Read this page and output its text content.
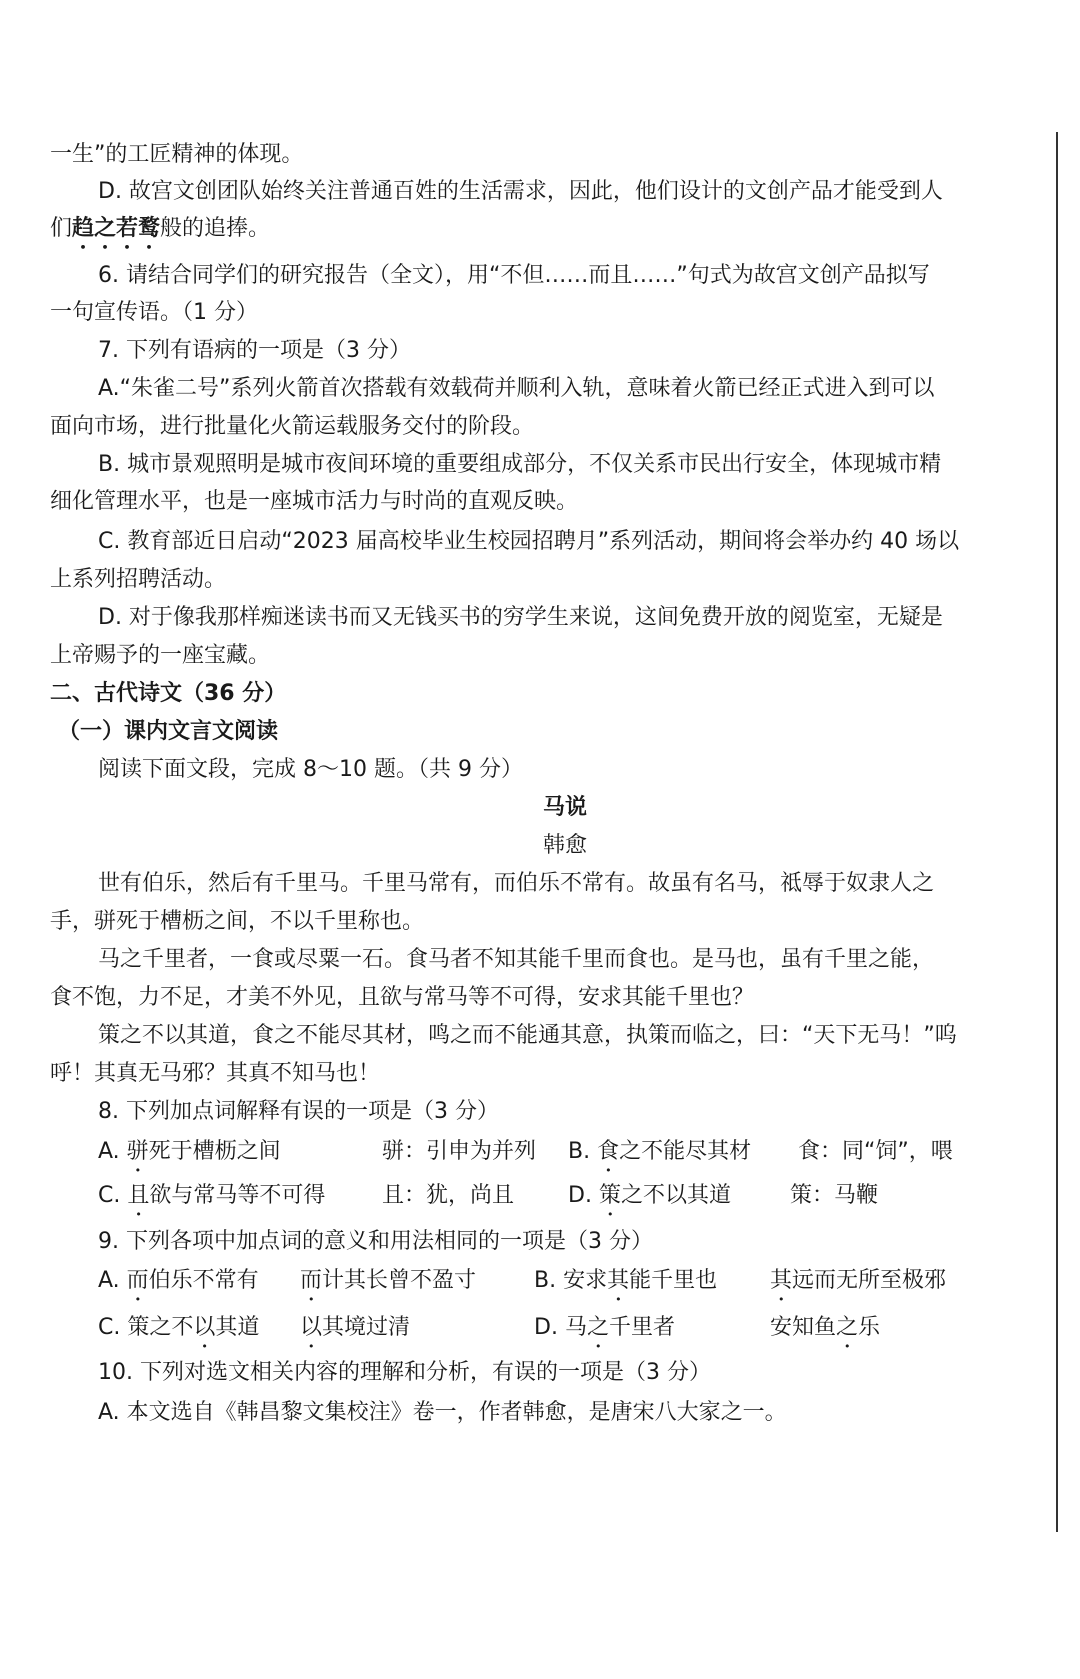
一生”的工匠精神的体现。
D. 故宫文创团队始终关注普通百姓的生活需求，因此，他们设计的文创产品才能受到人
们趋之若鹜般的追捧。
6. 请结合同学们的研究报告（全文），用“不但……而且……”句式为故宫文创产品拟写
一句宣传语。（1 分）
7. 下列有语病的一项是（3 分）
A.“朱雀二号”系列火箭首次搭载有效载荷并顺利入轨，意味着火箭已经正式进入到可以
面向市场，进行批量化火箭运载服务交付的阶段。
B. 城市景观照明是城市夜间环境的重要组成部分，不仅关系市民出行安全，体现城市精
细化管理水平，也是一座城市活力与时尚的直观反映。
C. 教育部近日启动“2023 届高校毕业生校园招聘月”系列活动，期间将会举办约 40 场以
上系列招聘活动。
D. 对于像我那样痴迷读书而又无钱买书的穷学生来说，这间免费开放的阅览室，无疑是
上帝赐予的一座宝藏。
二、古代诗文（36 分）
（一）课内文言文阅读
阅读下面文段，完成 8～10 题。（共 9 分）
马说
韩愈
世有伯乐，然后有千里马。千里马常有，而伯乐不常有。故虽有名马，祗辱于奴隶人之
手，骈死于槽枥之间，不以千里称也。
马之千里者，一食或尽粟一石。食马者不知其能千里而食也。是马也，虽有千里之能，
食不饱，力不足，才美不外见，且欲与常马等不可得，安求其能千里也？
策之不以其道，食之不能尽其材，鸣之而不能通其意，执策而临之，曰：“天下无马！”呜
呼！其真无马邪？其真不知马也！
8. 下列加点词解释有误的一项是（3 分）
A. 骈死于槽枥之间	骈：引申为并列 B. 食之不能尽其材 食：同“饲”，喂
C. 且欲与常马等不可得	且：犹，尚且 D. 策之不以其道	策：马鞭
9. 下列各项中加点词的意义和用法相同的一项是（3 分）
A. 而伯乐不常有 而计其长曾不盈寸	B. 安求其能千里也 其远而无所至极邪
C. 策之不以其道 以其境过清	D. 马之千里者	安知鱼之乐
10. 下列对选文相关内容的理解和分析，有误的一项是（3 分）
A. 本文选自《韩昌黎文集校注》卷一，作者韩愈，是唐宋八大家之一。
